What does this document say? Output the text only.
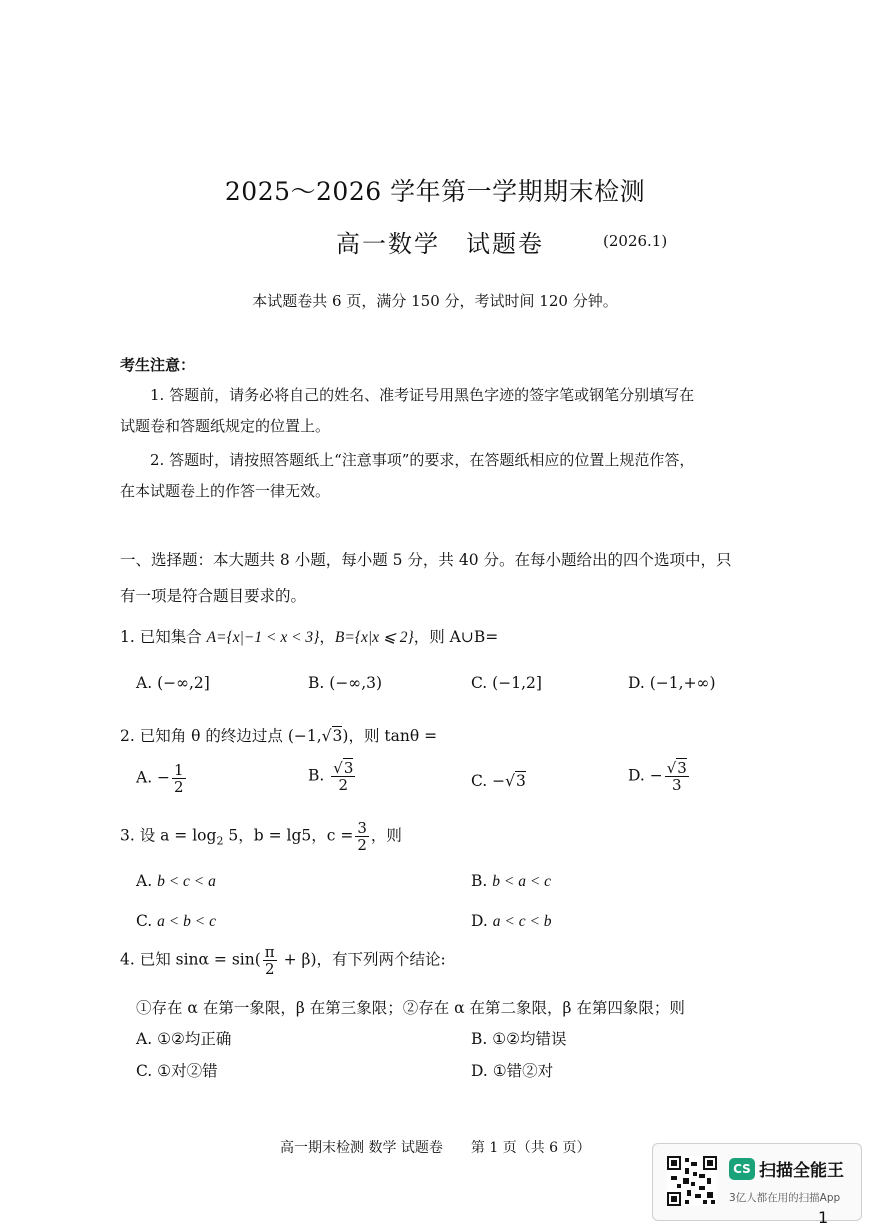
2025～2026 学年第一学期期末检测
高一数学　试题卷	(2026.1)
本试题卷共 6 页，满分 150 分，考试时间 120 分钟。
考生注意：
1. 答题前，请务必将自己的姓名、准考证号用黑色字迹的签字笔或钢笔分别填写在
试题卷和答题纸规定的位置上。
2. 答题时，请按照答题纸上“注意事项”的要求，在答题纸相应的位置上规范作答，
在本试题卷上的作答一律无效。
一、选择题：本大题共 8 小题，每小题 5 分，共 40 分。在每小题给出的四个选项中，只
有一项是符合题目要求的。
1. 已知集合 A={x|−1 < x < 3}，B={x|x ⩽ 2}，则 A∪B=
A. (−∞,2]	B. (−∞,3)	C. (−1,2]	D. (−1,+∞)
2. 已知角 θ 的终边过点 (−1,√3)，则 tanθ =
A. − $\frac{1}{2}$	B. $\frac{√3}{2}$	C. −√3	D. − $\frac{√3}{3}$
3. 设 $a = \log_2 5$，b = lg5，$c = \frac{3}{2}$ ，则
A. b < c < a	B. b < a < c
C. a < b < c	D. a < c < b
4. 已知 $\sin\alpha = \sin( \frac{\pi}{2} + \beta)$，有下列两个结论:
①存在 α 在第一象限，β 在第三象限；②存在 α 在第二象限，β 在第四象限；则
A. ①②均正确	B. ①②均错误
C. ①对②错	D. ①错②对
高一期末检测 数学 试题卷　　第 1 页（共 6 页）
CS 扫描全能王
3亿人都在用的扫描App
1
